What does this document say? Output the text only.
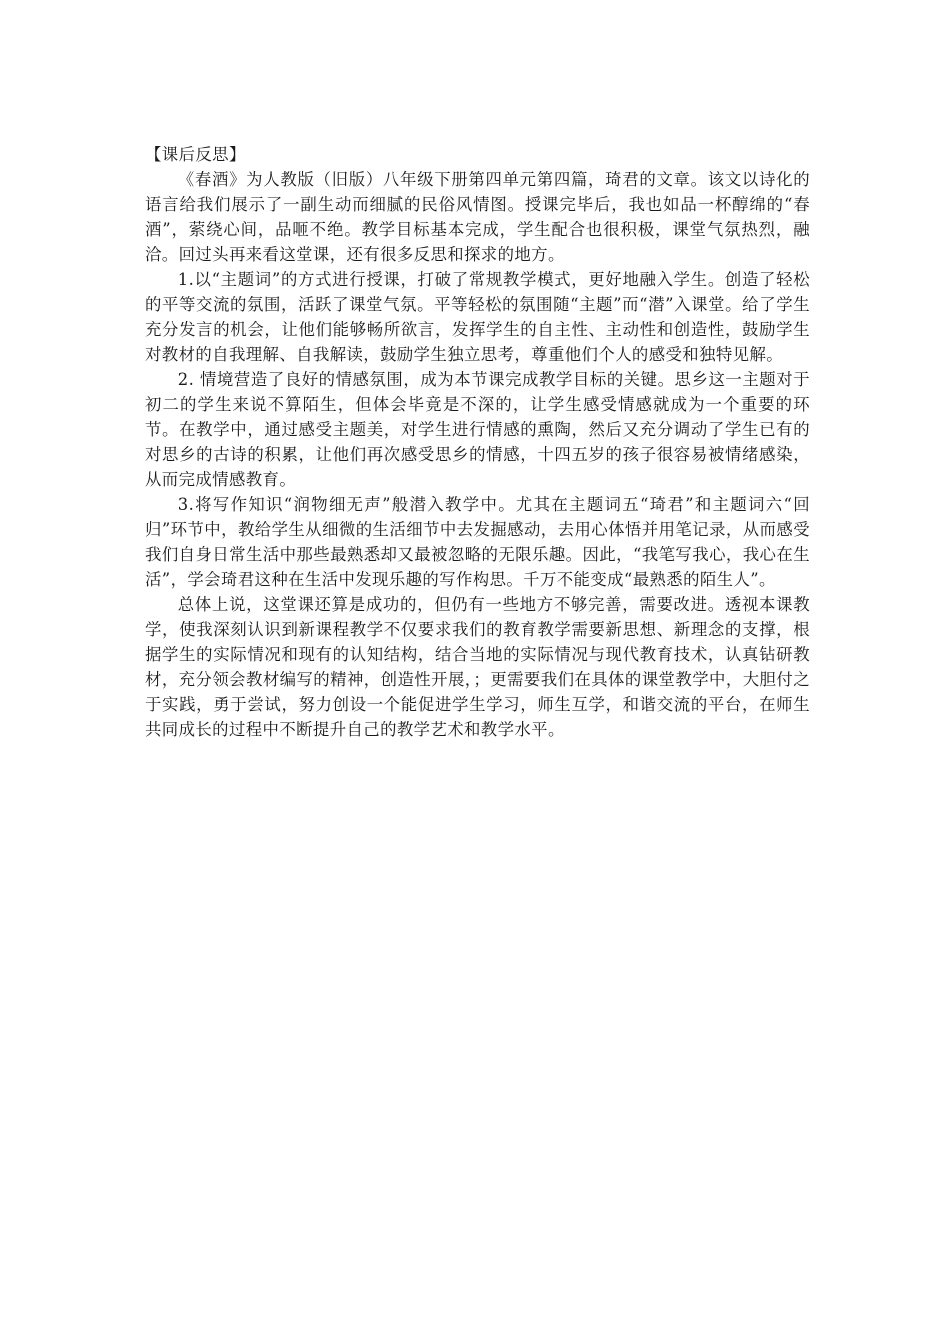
【课后反思】

《春酒》为人教版（旧版）八年级下册第四单元第四篇，琦君的文章。该文以诗化的语言给我们展示了一副生动而细腻的民俗风情图。授课完毕后，我也如品一杯醇绵的“春酒”，萦绕心间，品咂不绝。教学目标基本完成，学生配合也很积极，课堂气氛热烈，融洽。回过头再来看这堂课，还有很多反思和探求的地方。

1.以“主题词”的方式进行授课，打破了常规教学模式，更好地融入学生。创造了轻松的平等交流的氛围，活跃了课堂气氛。平等轻松的氛围随“主题”而“潜”入课堂。给了学生充分发言的机会，让他们能够畅所欲言，发挥学生的自主性、主动性和创造性，鼓励学生对教材的自我理解、自我解读，鼓励学生独立思考，尊重他们个人的感受和独特见解。

2. 情境营造了良好的情感氛围，成为本节课完成教学目标的关键。思乡这一主题对于初二的学生来说不算陌生，但体会毕竟是不深的，让学生感受情感就成为一个重要的环节。在教学中，通过感受主题美，对学生进行情感的熏陶，然后又充分调动了学生已有的对思乡的古诗的积累，让他们再次感受思乡的情感，十四五岁的孩子很容易被情绪感染，从而完成情感教育。

3.将写作知识“润物细无声”般潜入教学中。尤其在主题词五“琦君”和主题词六“回归”环节中，教给学生从细微的生活细节中去发掘感动，去用心体悟并用笔记录，从而感受我们自身日常生活中那些最熟悉却又最被忽略的无限乐趣。因此，“我笔写我心，我心在生活”，学会琦君这种在生活中发现乐趣的写作构思。千万不能变成“最熟悉的陌生人”。

总体上说，这堂课还算是成功的，但仍有一些地方不够完善，需要改进。透视本课教学，使我深刻认识到新课程教学不仅要求我们的教育教学需要新思想、新理念的支撑，根据学生的实际情况和现有的认知结构，结合当地的实际情况与现代教育技术，认真钻研教材，充分领会教材编写的精神，创造性开展，；更需要我们在具体的课堂教学中，大胆付之于实践，勇于尝试，努力创设一个能促进学生学习，师生互学，和谐交流的平台，在师生共同成长的过程中不断提升自己的教学艺术和教学水平。
